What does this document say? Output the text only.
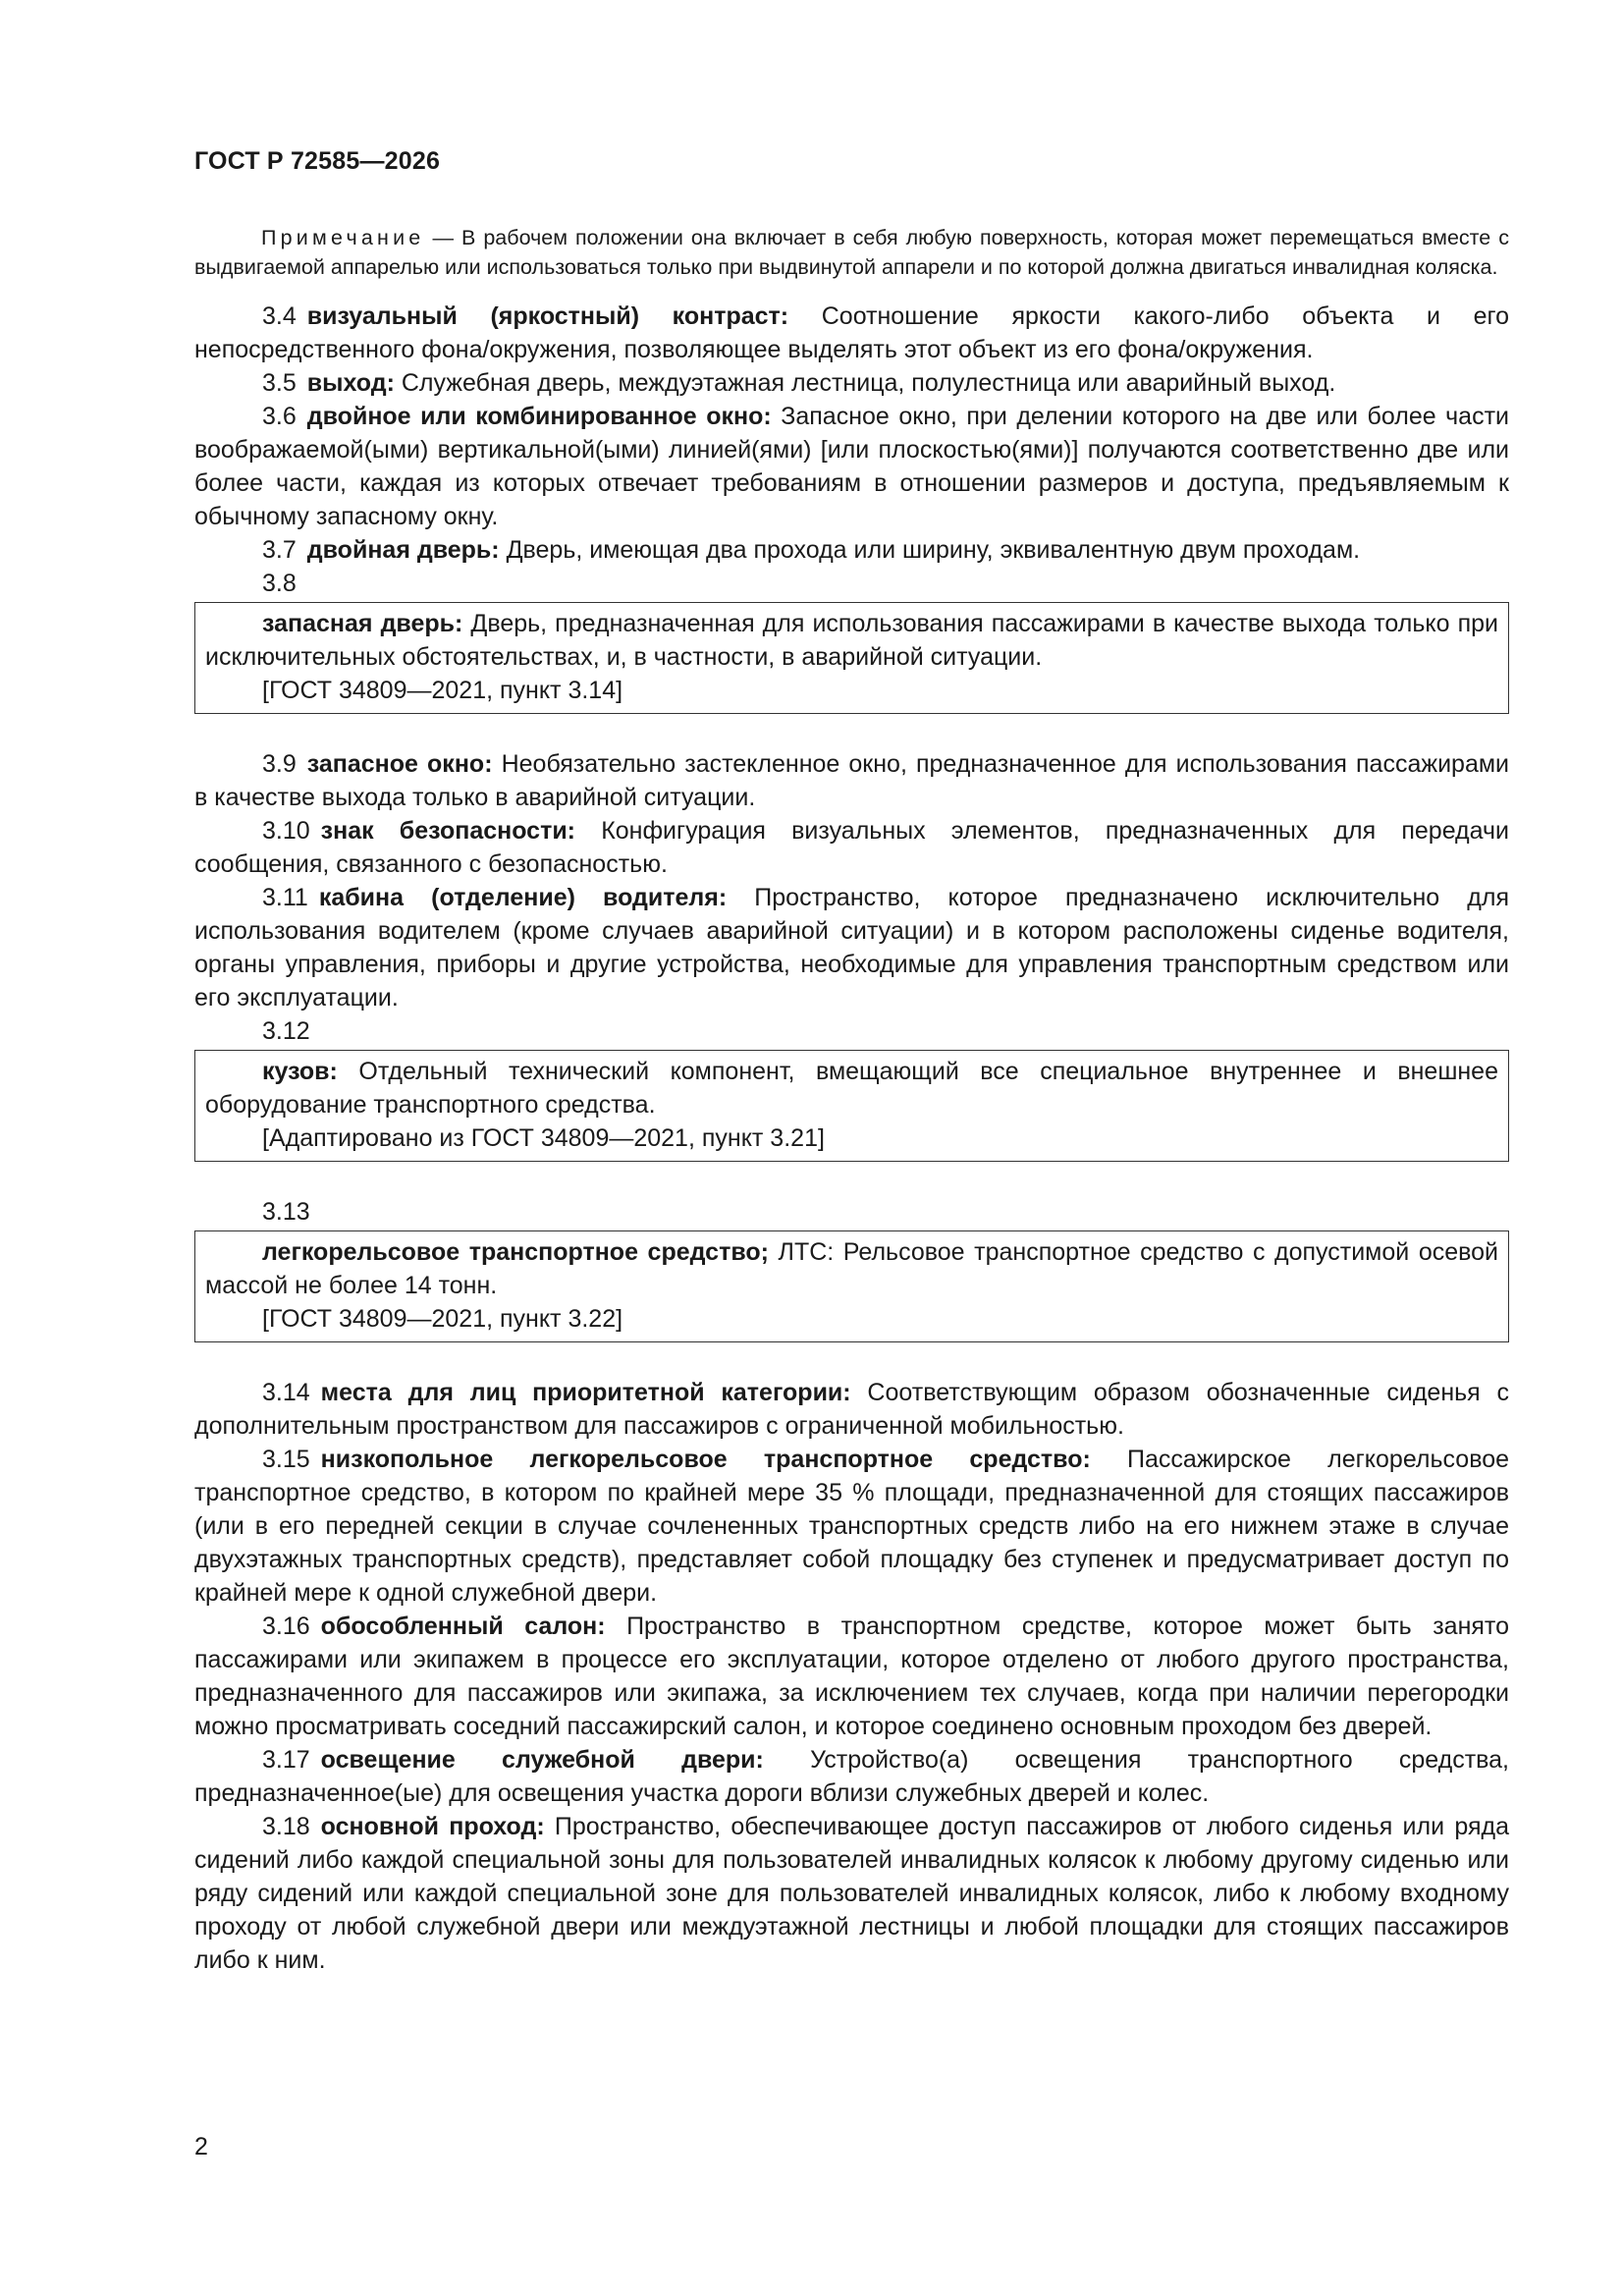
ГОСТ Р 72585—2026

Примечание — В рабочем положении она включает в себя любую поверхность, которая может перемещаться вместе с выдвигаемой аппарелью или использоваться только при выдвинутой аппарели и по которой должна двигаться инвалидная коляска.

3.4 визуальный (яркостный) контраст: Соотношение яркости какого-либо объекта и его непосредственного фона/окружения, позволяющее выделять этот объект из его фона/окружения.

3.5 выход: Служебная дверь, междуэтажная лестница, полулестница или аварийный выход.

3.6 двойное или комбинированное окно: Запасное окно, при делении которого на две или более части воображаемой(ыми) вертикальной(ыми) линией(ями) [или плоскостью(ями)] получаются соответственно две или более части, каждая из которых отвечает требованиям в отношении размеров и доступа, предъявляемым к обычному запасному окну.

3.7 двойная дверь: Дверь, имеющая два прохода или ширину, эквивалентную двум проходам.

3.8

запасная дверь: Дверь, предназначенная для использования пассажирами в качестве выхода только при исключительных обстоятельствах, и, в частности, в аварийной ситуации.

[ГОСТ 34809—2021, пункт 3.14]

3.9 запасное окно: Необязательно застекленное окно, предназначенное для использования пассажирами в качестве выхода только в аварийной ситуации.

3.10 знак безопасности: Конфигурация визуальных элементов, предназначенных для передачи сообщения, связанного с безопасностью.

3.11 кабина (отделение) водителя: Пространство, которое предназначено исключительно для использования водителем (кроме случаев аварийной ситуации) и в котором расположены сиденье водителя, органы управления, приборы и другие устройства, необходимые для управления транспортным средством или его эксплуатации.

3.12

кузов: Отдельный технический компонент, вмещающий все специальное внутреннее и внешнее оборудование транспортного средства.

[Адаптировано из ГОСТ 34809—2021, пункт 3.21]

3.13

легкорельсовое транспортное средство; ЛТС: Рельсовое транспортное средство с допустимой осевой массой не более 14 тонн.

[ГОСТ 34809—2021, пункт 3.22]

3.14 места для лиц приоритетной категории: Соответствующим образом обозначенные сиденья с дополнительным пространством для пассажиров с ограниченной мобильностью.

3.15 низкопольное легкорельсовое транспортное средство: Пассажирское легкорельсовое транспортное средство, в котором по крайней мере 35 % площади, предназначенной для стоящих пассажиров (или в его передней секции в случае сочлененных транспортных средств либо на его нижнем этаже в случае двухэтажных транспортных средств), представляет собой площадку без ступенек и предусматривает доступ по крайней мере к одной служебной двери.

3.16 обособленный салон: Пространство в транспортном средстве, которое может быть занято пассажирами или экипажем в процессе его эксплуатации, которое отделено от любого другого пространства, предназначенного для пассажиров или экипажа, за исключением тех случаев, когда при наличии перегородки можно просматривать соседний пассажирский салон, и которое соединено основным проходом без дверей.

3.17 освещение служебной двери: Устройство(а) освещения транспортного средства, предназначенное(ые) для освещения участка дороги вблизи служебных дверей и колес.

3.18 основной проход: Пространство, обеспечивающее доступ пассажиров от любого сиденья или ряда сидений либо каждой специальной зоны для пользователей инвалидных колясок к любому другому сиденью или ряду сидений или каждой специальной зоне для пользователей инвалидных колясок, либо к любому входному проходу от любой служебной двери или междуэтажной лестницы и любой площадки для стоящих пассажиров либо к ним.

2
